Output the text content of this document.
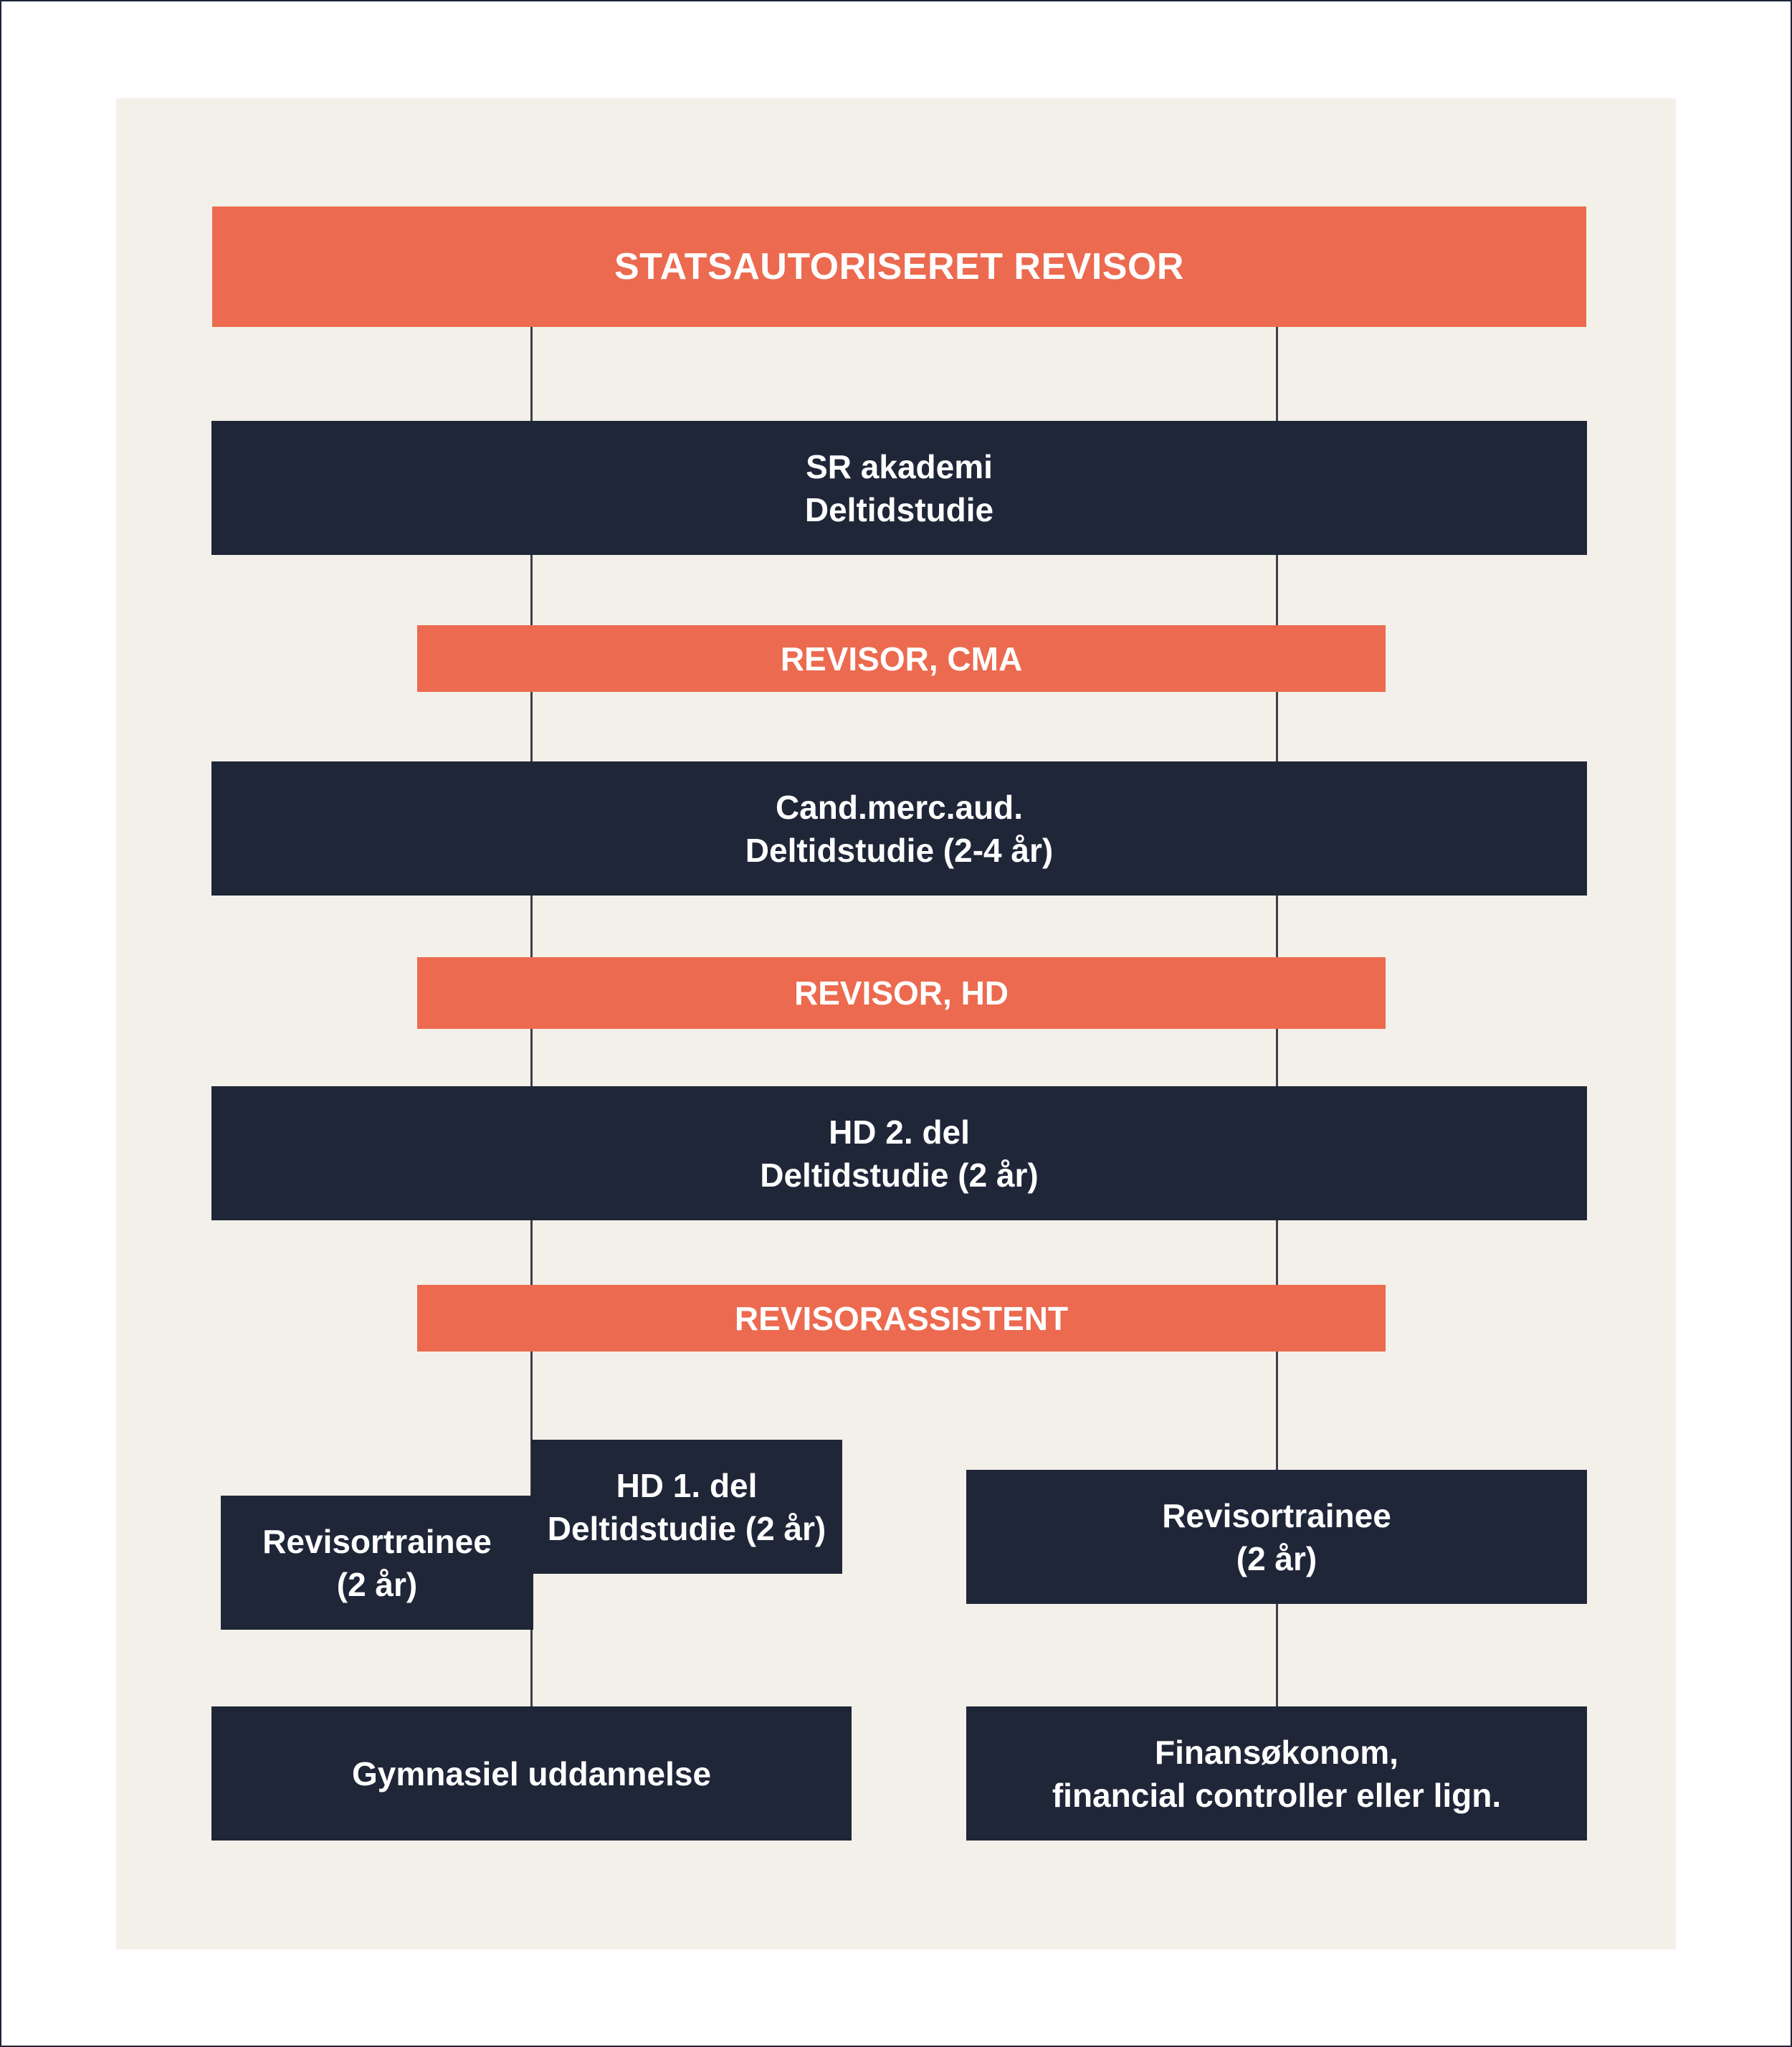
STATSAUTORISERET REVISOR
SR akademi
Deltidstudie
REVISOR, CMA
Cand.merc.aud.
Deltidstudie (2-4 år)
REVISOR, HD
HD 2. del
Deltidstudie (2 år)
REVISORASSISTENT
Revisortrainee
(2 år)
HD 1. del
Deltidstudie (2 år)	Revisortrainee
(2 år)
Gymnasiel uddannelse
Finansøkonom,
financial controller eller lign.
